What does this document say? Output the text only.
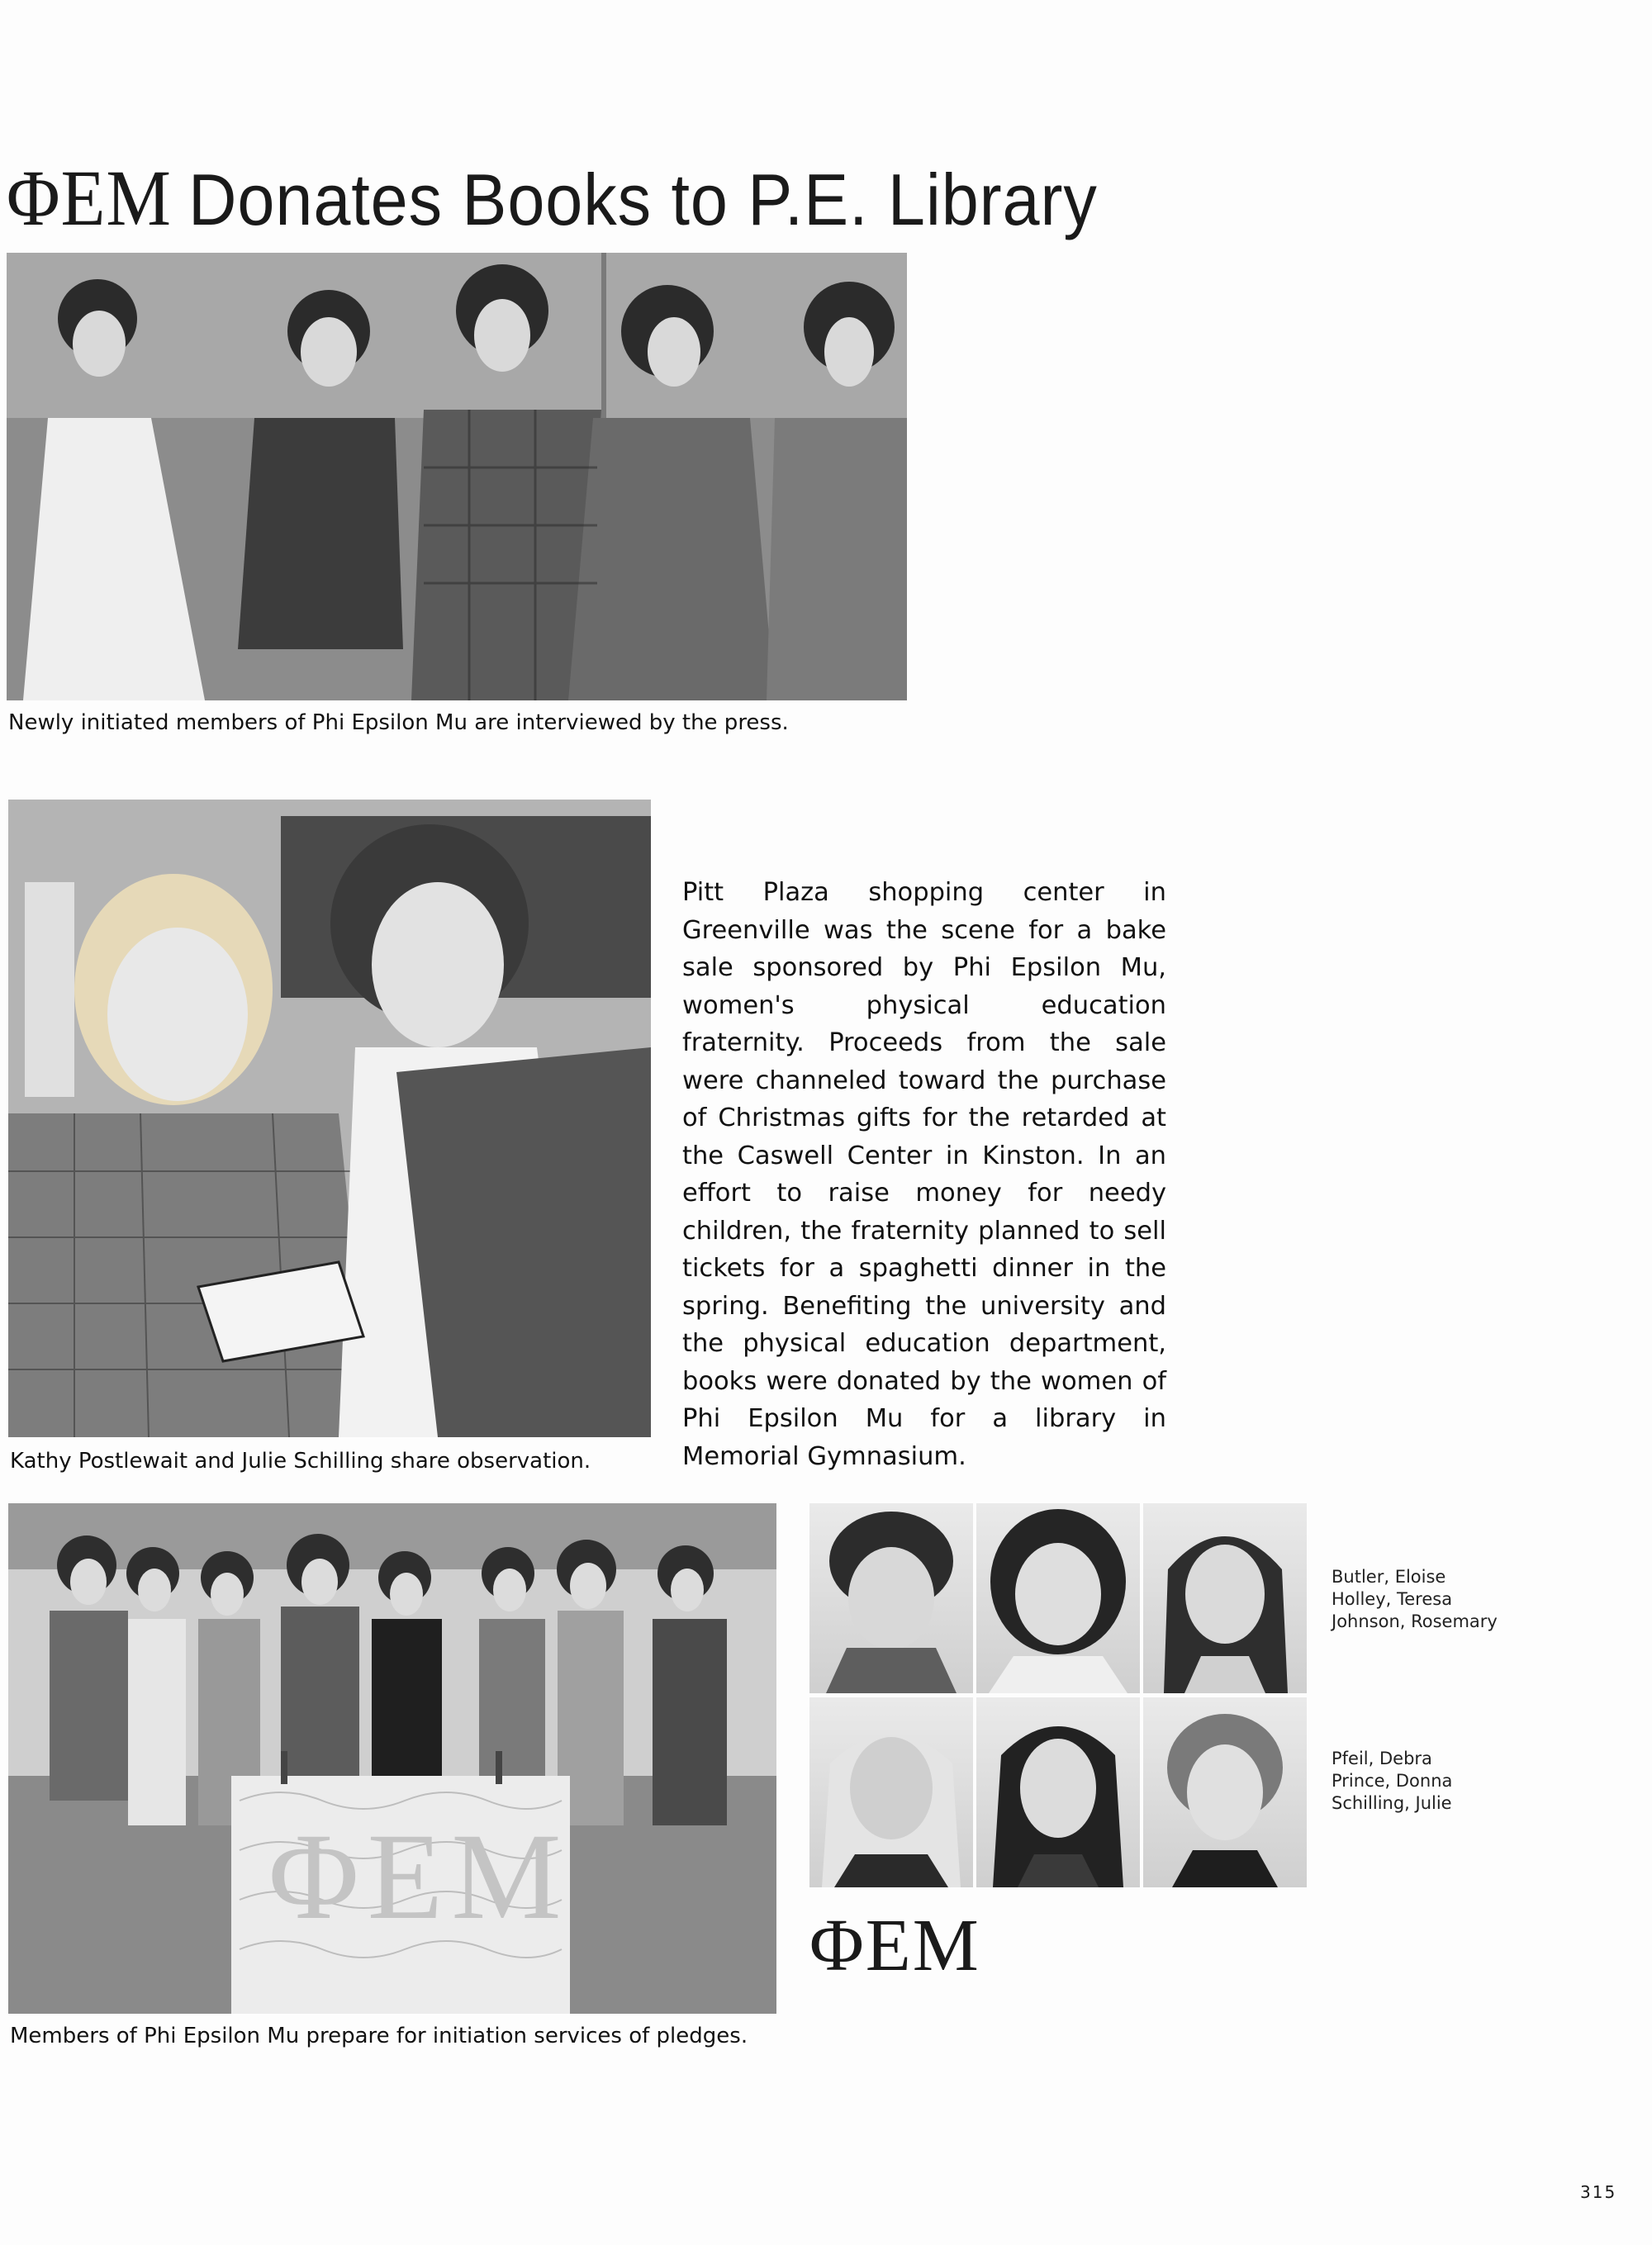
ΦΕΜ Donates Books to P.E. Library
Newly initiated members of Phi Epsilon Mu are interviewed by the press.
Kathy Postlewait and Julie Schilling share observation.
Pitt Plaza shopping center in Greenville was the scene for a bake sale sponsored by Phi Epsilon Mu, women's physical education fraternity. Proceeds from the sale were channeled toward the purchase of Christmas gifts for the retarded at the Caswell Center in Kinston. In an effort to raise money for needy children, the fraternity planned to sell tickets for a spaghetti dinner in the spring. Benefiting the university and the physical education department, books were donated by the women of Phi Epsilon Mu for a library in Memorial Gymnasium.
ΦΕΜ
Members of Phi Epsilon Mu prepare for initiation services of pledges.
Butler, Eloise
Holley, Teresa
Johnson, Rosemary
Pfeil, Debra
Prince, Donna
Schilling, Julie
ΦΕΜ
315
